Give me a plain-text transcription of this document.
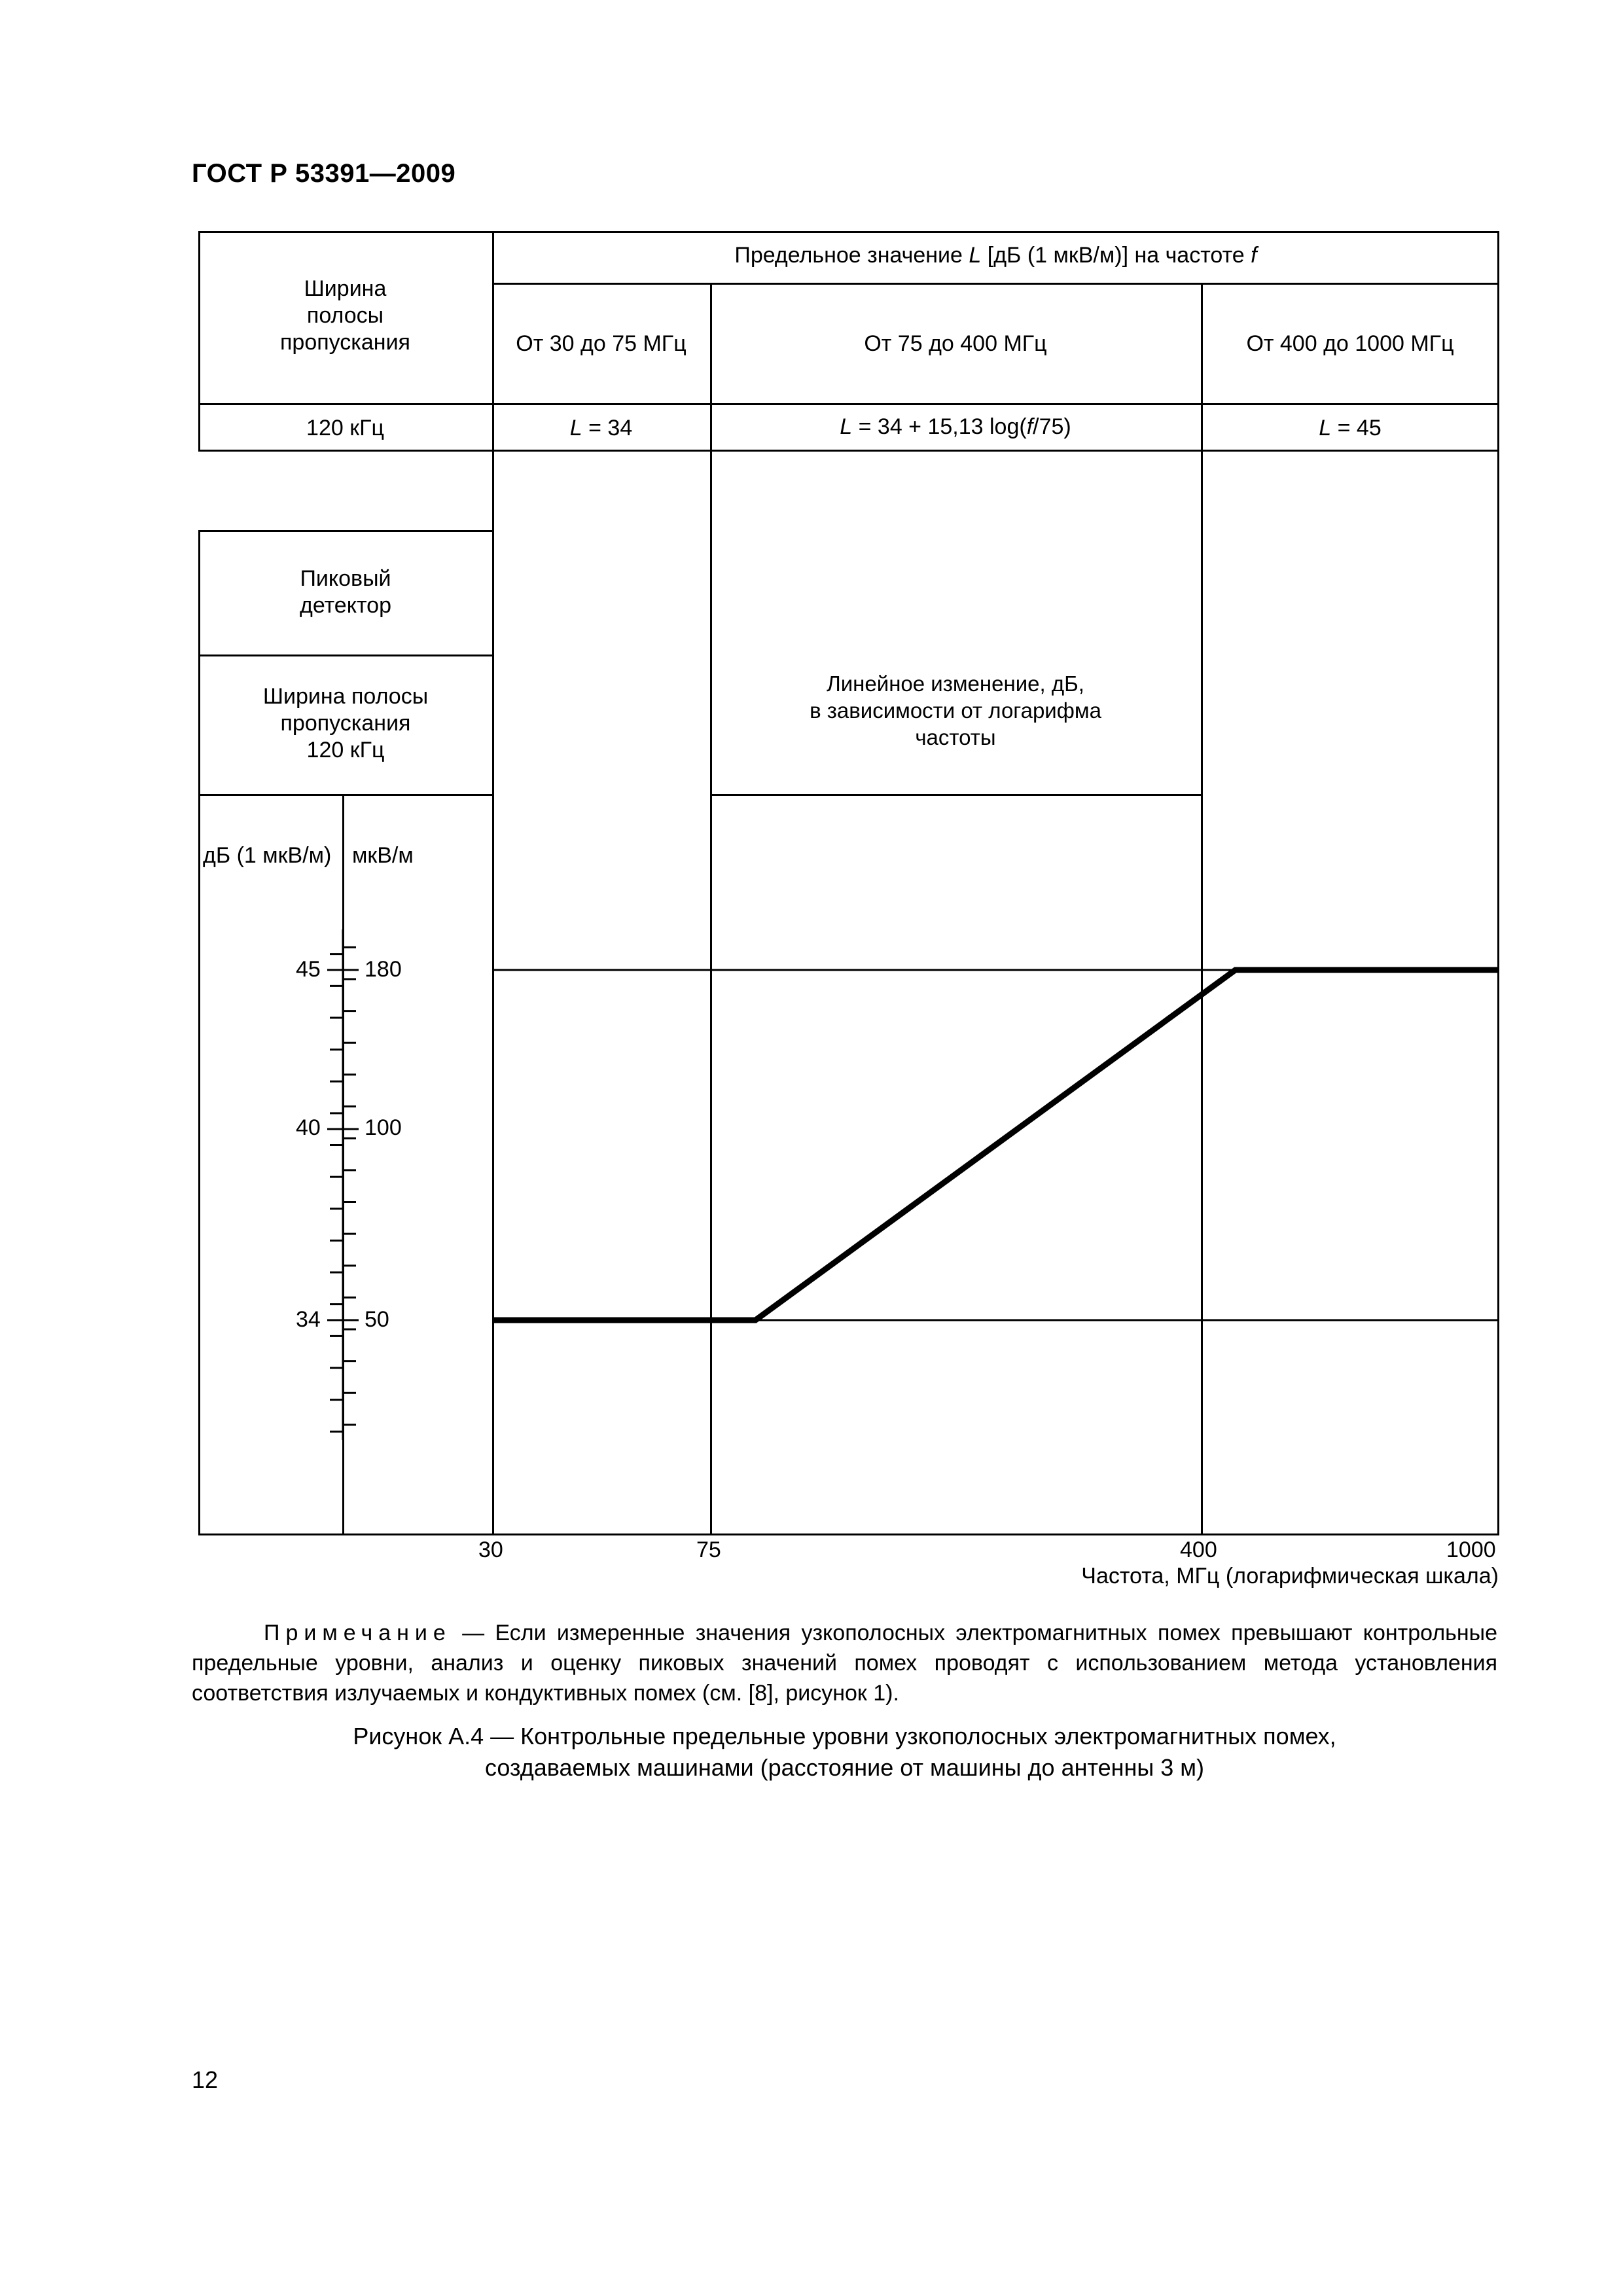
ГОСТ Р 53391—2009
Ширина
полосы
пропускания
Предельное значение L [дБ (1 мкВ/м)] на частоте f
От 30 до 75 МГц	От 75 до 400 МГц	От 400 до 1000 МГц
120 кГц	L = 34	L = 34 + 15,13 log(f/75)	L = 45
Пиковый
детектор
Ширина полосы
пропускания
120 кГц
дБ (1 мкВ/м) мкВ/м
45
40
34
180
100
50
30	75	400	1000
Частота, МГц (логарифмическая шкала)
Линейное изменение, дБ,
в зависимости от логарифма
частоты
Примечание — Если измеренные значения узкополосных электромагнитных помех превышают контрольные предельные уровни, анализ и оценку пиковых значений помех проводят с использованием метода установления соответствия излучаемых и кондуктивных помех (см. [8], рисунок 1).
Рисунок А.4 — Контрольные предельные уровни узкополосных электромагнитных помех,
создаваемых машинами (расстояние от машины до антенны 3 м)
12
